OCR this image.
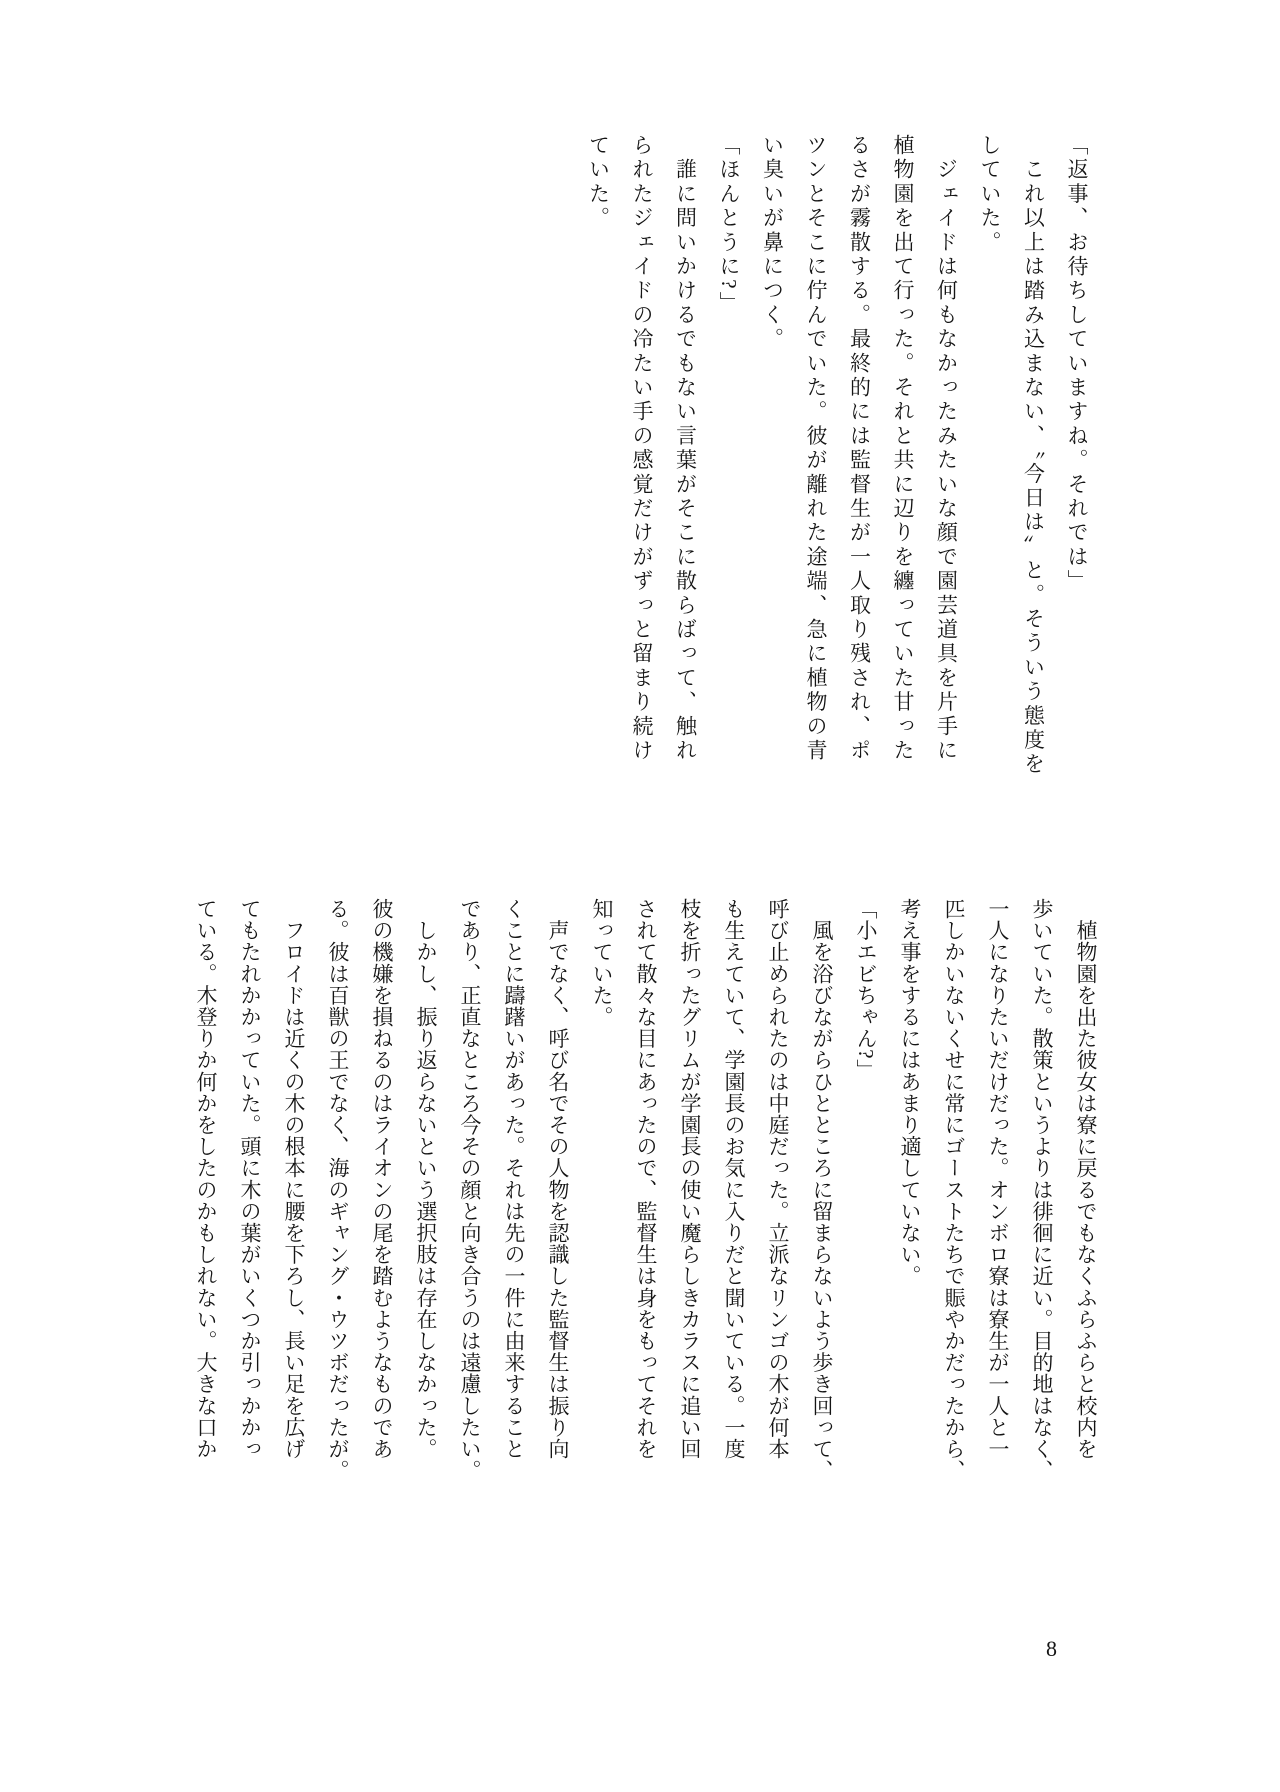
「返事、お待ちしていますね。それでは」
　これ以上は踏み込まない、〝今日は〟と。そういう態度を
していた。
　ジェイドは何もなかったみたいな顔で園芸道具を片手に
植物園を出て行った。それと共に辺りを纏っていた甘った
るさが霧散する。最終的には監督生が一人取り残され、ポ
ツンとそこに佇んでいた。彼が離れた途端、急に植物の青
い臭いが鼻につく。
「ほんとうに?」
　誰に問いかけるでもない言葉がそこに散らばって、触れ
られたジェイドの冷たい手の感覚だけがずっと留まり続け
ていた。
　植物園を出た彼女は寮に戻るでもなくふらふらと校内を
歩いていた。散策というよりは徘徊に近い。目的地はなく、
一人になりたいだけだった。オンボロ寮は寮生が一人と一
匹しかいないくせに常にゴーストたちで賑やかだったから、
考え事をするにはあまり適していない。
「小エビちゃん?」
　風を浴びながらひとところに留まらないよう歩き回って、
呼び止められたのは中庭だった。立派なリンゴの木が何本
も生えていて、学園長のお気に入りだと聞いている。一度
枝を折ったグリムが学園長の使い魔らしきカラスに追い回
されて散々な目にあったので、監督生は身をもってそれを
知っていた。
　声でなく、呼び名でその人物を認識した監督生は振り向
くことに躊躇いがあった。それは先の一件に由来すること
であり、正直なところ今その顔と向き合うのは遠慮したい。
　しかし、振り返らないという選択肢は存在しなかった。
彼の機嫌を損ねるのはライオンの尾を踏むようなものであ
る。彼は百獣の王でなく、海のギャング・ウツボだったが。
　フロイドは近くの木の根本に腰を下ろし、長い足を広げ
てもたれかかっていた。頭に木の葉がいくつか引っかかっ
ている。木登りか何かをしたのかもしれない。大きな口か
8
